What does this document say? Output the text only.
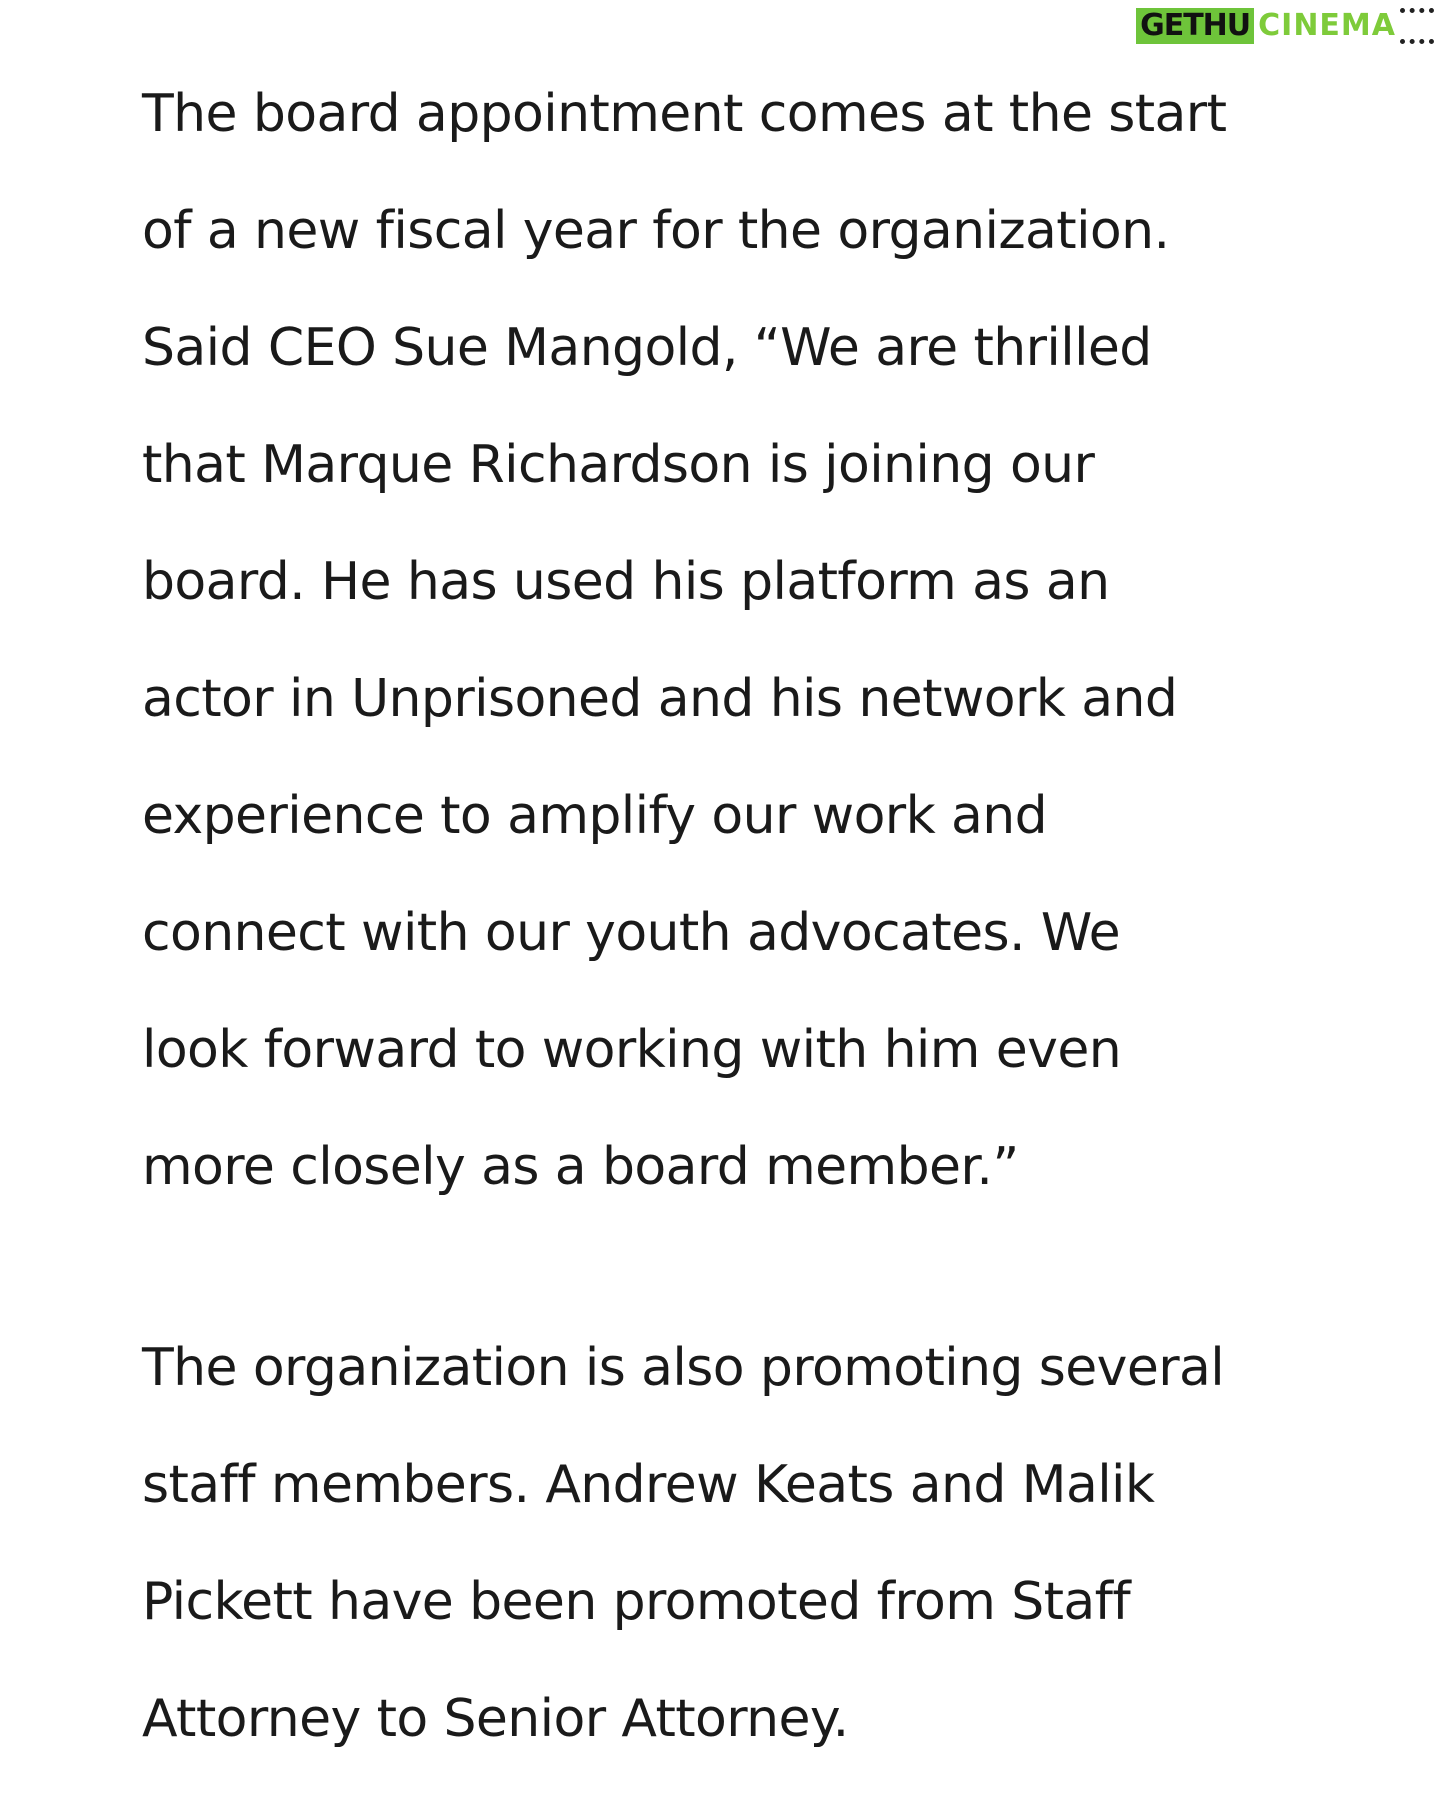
GETHU CINEMA

The board appointment comes at the start
of a new fiscal year for the organization.
Said CEO Sue Mangold, “We are thrilled
that Marque Richardson is joining our
board. He has used his platform as an
actor in Unprisoned and his network and
experience to amplify our work and
connect with our youth advocates. We
look forward to working with him even
more closely as a board member.”

The organization is also promoting several
staff members. Andrew Keats and Malik
Pickett have been promoted from Staff
Attorney to Senior Attorney.
